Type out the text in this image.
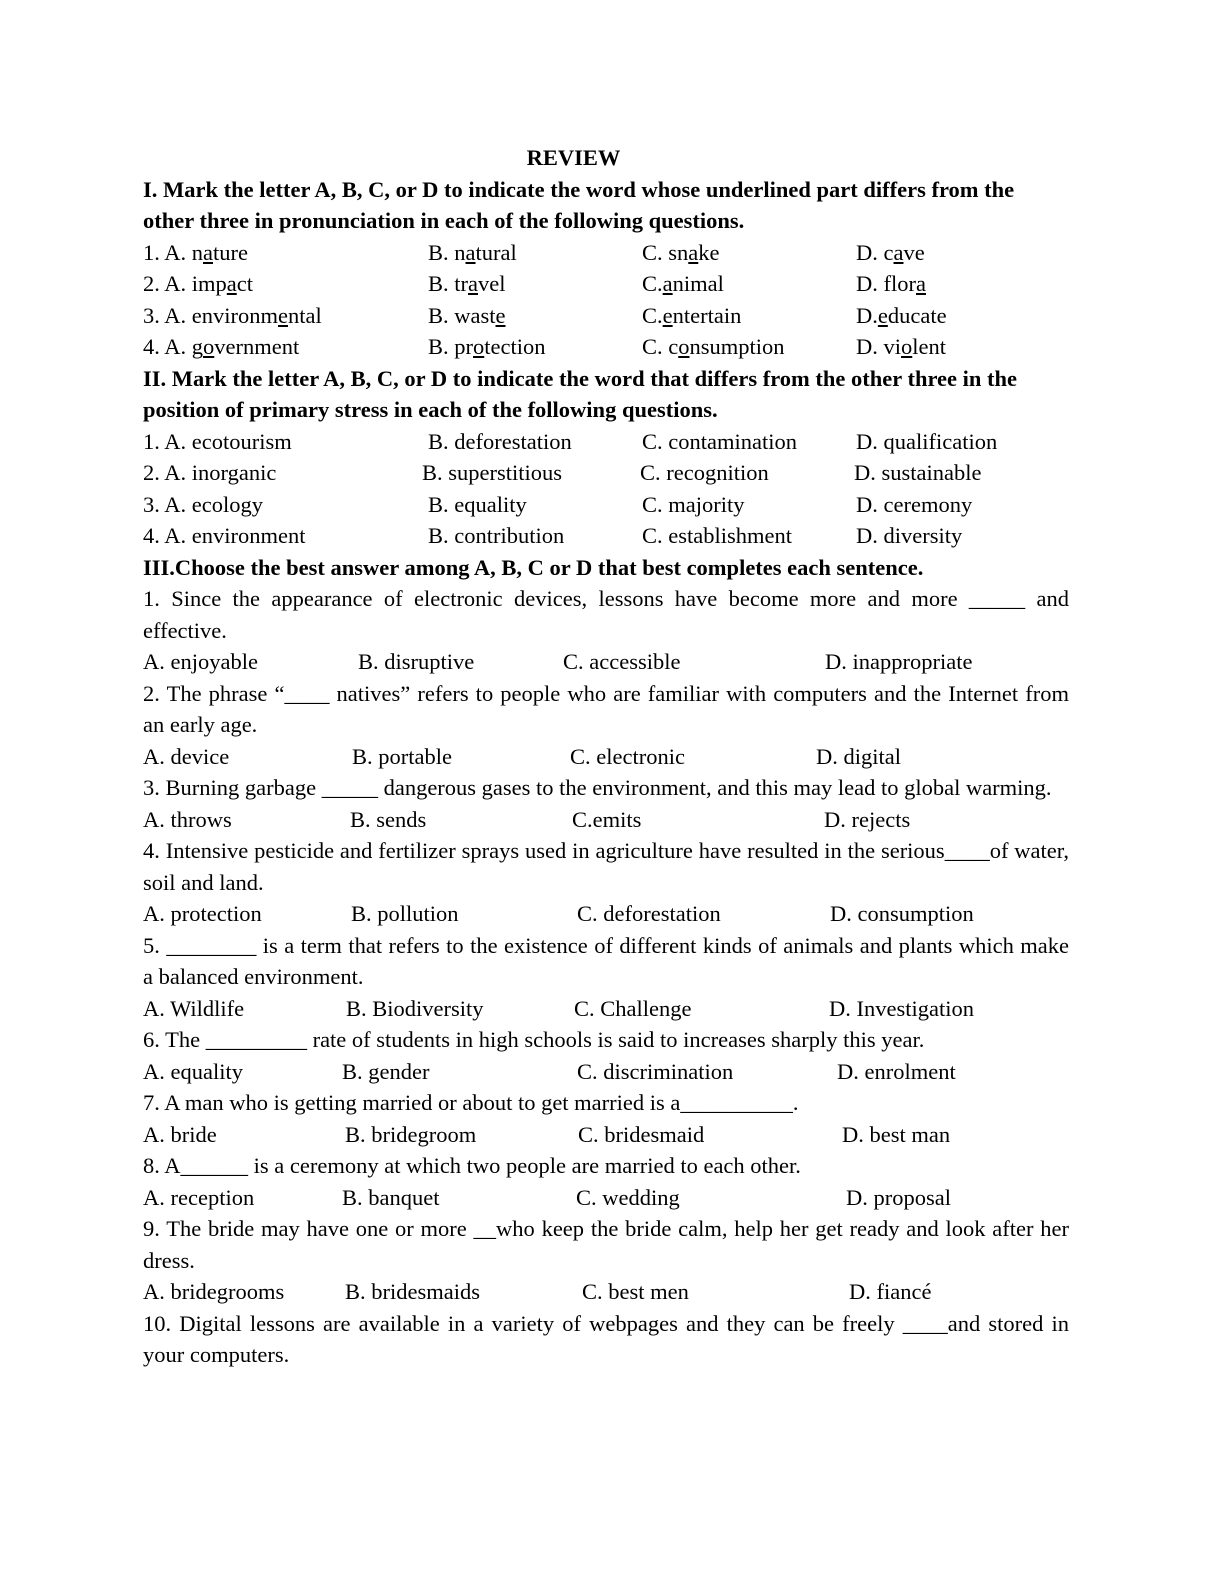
REVIEW
I. Mark the letter A, B, C, or D to indicate the word whose underlined part differs from the other three in pronunciation in each of the following questions.
1. A. nature	B. natural	C. snake	D. cave
2. A. impact	B. travel	C.animal	D. flora
3. A. environmental	B. waste	C.entertain	D.educate
4. A. government	B. protection	C. consumption	D. violent
II. Mark the letter A, B, C, or D to indicate the word that differs from the other three in the position of primary stress in each of the following questions.
1. A. ecotourism	B. deforestation	C. contamination	D. qualification
2. A. inorganic	B. superstitious	C. recognition	D. sustainable
3. A. ecology	B. equality	C. majority	D. ceremony
4. A. environment	B. contribution	C. establishment	D. diversity
III.Choose the best answer among A, B, C or D that best completes each sentence.
1. Since the appearance of electronic devices, lessons have become more and more _____ and effective.
A. enjoyable	B. disruptive	C. accessible	D. inappropriate
2. The phrase “____ natives” refers to people who are familiar with computers and the Internet from an early age.
A. device	B. portable	C. electronic	D. digital
3. Burning garbage _____ dangerous gases to the environment, and this may lead to global warming.
A. throws	B. sends	C.emits	D. rejects
4. Intensive pesticide and fertilizer sprays used in agriculture have resulted in the serious____of water, soil and land.
A. protection	B. pollution	C. deforestation	D. consumption
5. ________ is a term that refers to the existence of different kinds of animals and plants which make a balanced environment.
A. Wildlife	B. Biodiversity	C. Challenge	D. Investigation
6. The _________ rate of students in high schools is said to increases sharply this year.
A. equality	B. gender	C. discrimination	D. enrolment
7. A man who is getting married or about to get married is a__________.
A. bride	B. bridegroom	C. bridesmaid	D. best man
8. A______ is a ceremony at which two people are married to each other.
A. reception	B. banquet	C. wedding	D. proposal
9. The bride may have one or more __who keep the bride calm, help her get ready and look after her dress.
A. bridegrooms	B. bridesmaids	C. best men	D. fiancé
10. Digital lessons are available in a variety of webpages and they can be freely ____and stored in your computers.
